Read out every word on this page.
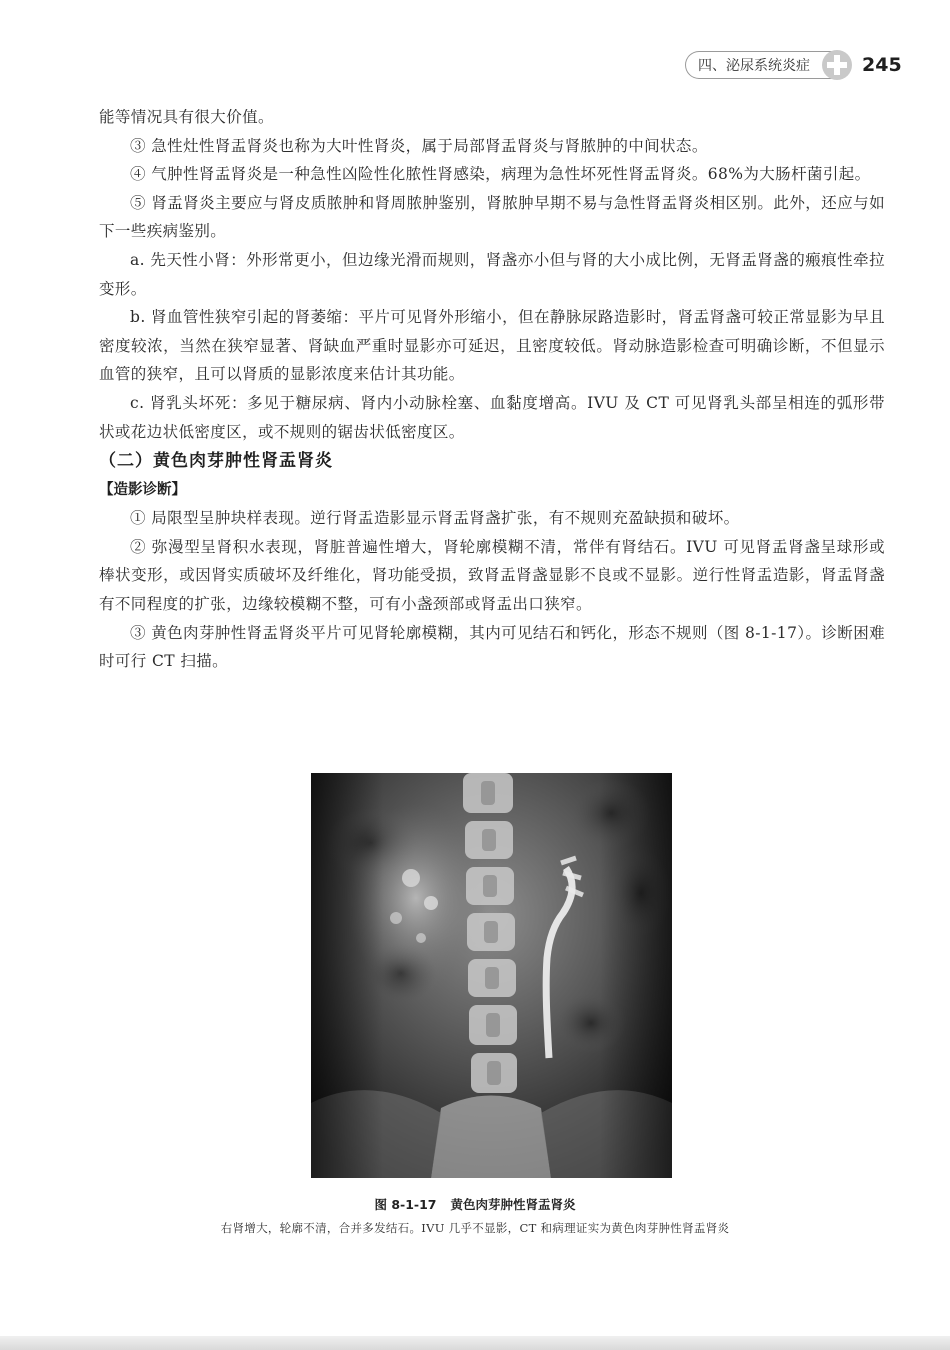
四、泌尿系统炎症	245

能等情况具有很大价值。

③ 急性灶性肾盂肾炎也称为大叶性肾炎，属于局部肾盂肾炎与肾脓肿的中间状态。

④ 气肿性肾盂肾炎是一种急性凶险性化脓性肾感染，病理为急性坏死性肾盂肾炎。68%为大肠杆菌引起。

⑤ 肾盂肾炎主要应与肾皮质脓肿和肾周脓肿鉴别，肾脓肿早期不易与急性肾盂肾炎相区别。此外，还应与如下一些疾病鉴别。

a. 先天性小肾：外形常更小，但边缘光滑而规则，肾盏亦小但与肾的大小成比例，无肾盂肾盏的瘢痕性牵拉变形。

b. 肾血管性狭窄引起的肾萎缩：平片可见肾外形缩小，但在静脉尿路造影时，肾盂肾盏可较正常显影为早且密度较浓，当然在狭窄显著、肾缺血严重时显影亦可延迟，且密度较低。肾动脉造影检查可明确诊断，不但显示血管的狭窄，且可以肾质的显影浓度来估计其功能。

c. 肾乳头坏死：多见于糖尿病、肾内小动脉栓塞、血黏度增高。IVU 及 CT 可见肾乳头部呈相连的弧形带状或花边状低密度区，或不规则的锯齿状低密度区。

（二）黄色肉芽肿性肾盂肾炎
【造影诊断】

① 局限型呈肿块样表现。逆行肾盂造影显示肾盂肾盏扩张，有不规则充盈缺损和破坏。

② 弥漫型呈肾积水表现，肾脏普遍性增大，肾轮廓模糊不清，常伴有肾结石。IVU 可见肾盂肾盏呈球形或棒状变形，或因肾实质破坏及纤维化，肾功能受损，致肾盂肾盏显影不良或不显影。逆行性肾盂造影，肾盂肾盏有不同程度的扩张，边缘较模糊不整，可有小盏颈部或肾盂出口狭窄。

③ 黄色肉芽肿性肾盂肾炎平片可见肾轮廓模糊，其内可见结石和钙化，形态不规则（图 8-1-17）。诊断困难时可行 CT 扫描。

图 8-1-17 黄色肉芽肿性肾盂肾炎

右肾增大，轮廓不清，合并多发结石。IVU 几乎不显影，CT 和病理证实为黄色肉芽肿性肾盂肾炎
